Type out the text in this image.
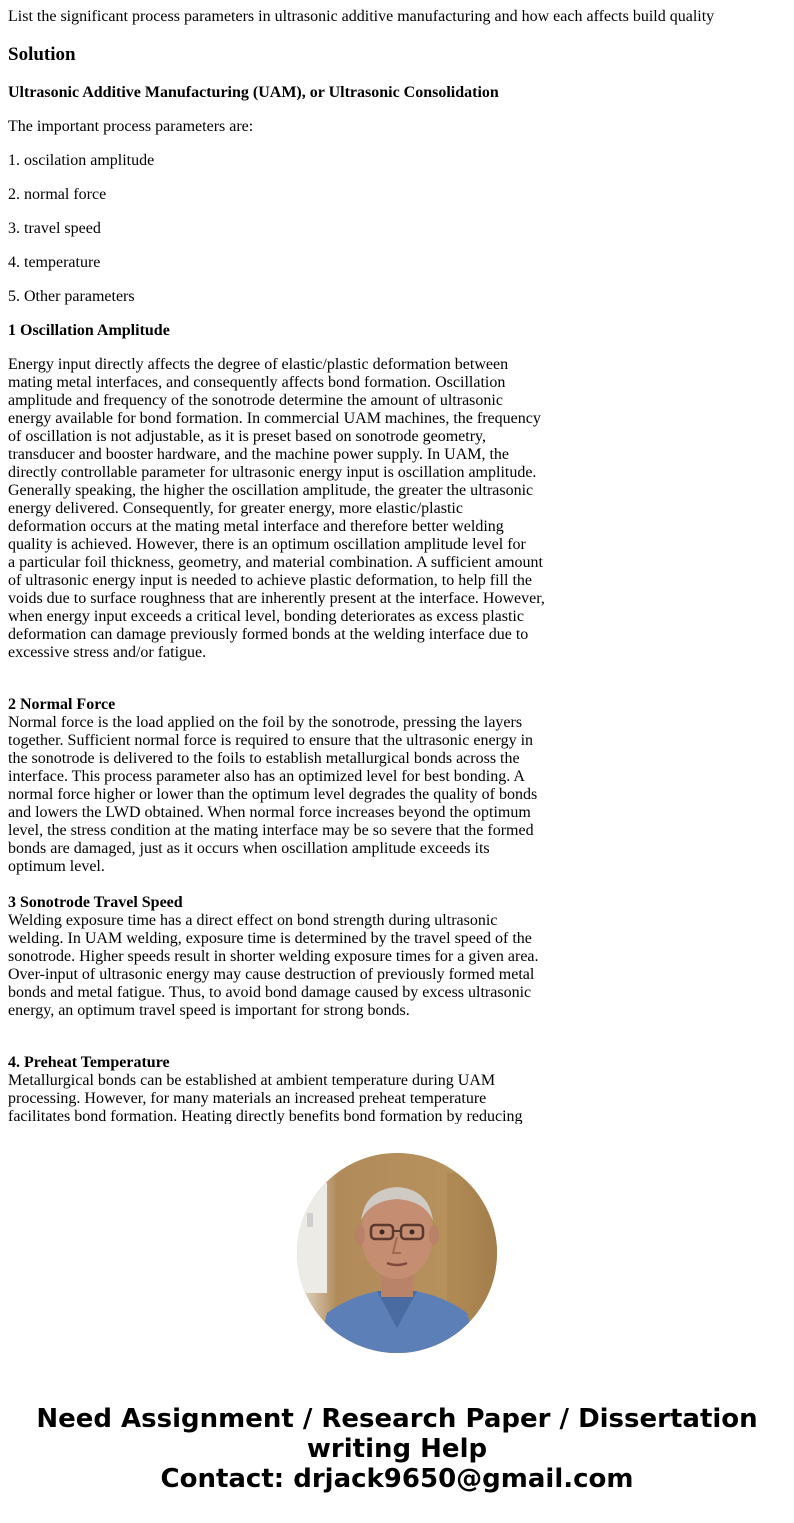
List the significant process parameters in ultrasonic additive manufacturing and how each affects build quality
Solution
Ultrasonic Additive Manufacturing (UAM), or Ultrasonic Consolidation
The important process parameters are:
1. oscilation amplitude
2. normal force
3. travel speed
4. temperature
5. Other parameters
1 Oscillation Amplitude
Energy input directly affects the degree of elastic/plastic deformation between
mating metal interfaces, and consequently affects bond formation. Oscillation
amplitude and frequency of the sonotrode determine the amount of ultrasonic
energy available for bond formation. In commercial UAM machines, the frequency
of oscillation is not adjustable, as it is preset based on sonotrode geometry,
transducer and booster hardware, and the machine power supply. In UAM, the
directly controllable parameter for ultrasonic energy input is oscillation amplitude.
Generally speaking, the higher the oscillation amplitude, the greater the ultrasonic
energy delivered. Consequently, for greater energy, more elastic/plastic
deformation occurs at the mating metal interface and therefore better welding
quality is achieved. However, there is an optimum oscillation amplitude level for
a particular foil thickness, geometry, and material combination. A sufficient amount
of ultrasonic energy input is needed to achieve plastic deformation, to help fill the
voids due to surface roughness that are inherently present at the interface. However,
when energy input exceeds a critical level, bonding deteriorates as excess plastic
deformation can damage previously formed bonds at the welding interface due to
excessive stress and/or fatigue.
2 Normal Force
Normal force is the load applied on the foil by the sonotrode, pressing the layers
together. Sufficient normal force is required to ensure that the ultrasonic energy in
the sonotrode is delivered to the foils to establish metallurgical bonds across the
interface. This process parameter also has an optimized level for best bonding. A
normal force higher or lower than the optimum level degrades the quality of bonds
and lowers the LWD obtained. When normal force increases beyond the optimum
level, the stress condition at the mating interface may be so severe that the formed
bonds are damaged, just as it occurs when oscillation amplitude exceeds its
optimum level.
3 Sonotrode Travel Speed
Welding exposure time has a direct effect on bond strength during ultrasonic
welding. In UAM welding, exposure time is determined by the travel speed of the
sonotrode. Higher speeds result in shorter welding exposure times for a given area.
Over-input of ultrasonic energy may cause destruction of previously formed metal
bonds and metal fatigue. Thus, to avoid bond damage caused by excess ultrasonic
energy, an optimum travel speed is important for strong bonds.
4. Preheat Temperature
Metallurgical bonds can be established at ambient temperature during UAM
processing. However, for many materials an increased preheat temperature
facilitates bond formation. Heating directly benefits bond formation by reducing
Need Assignment / Research Paper / Dissertation
writing Help
Contact: drjack9650@gmail.com
